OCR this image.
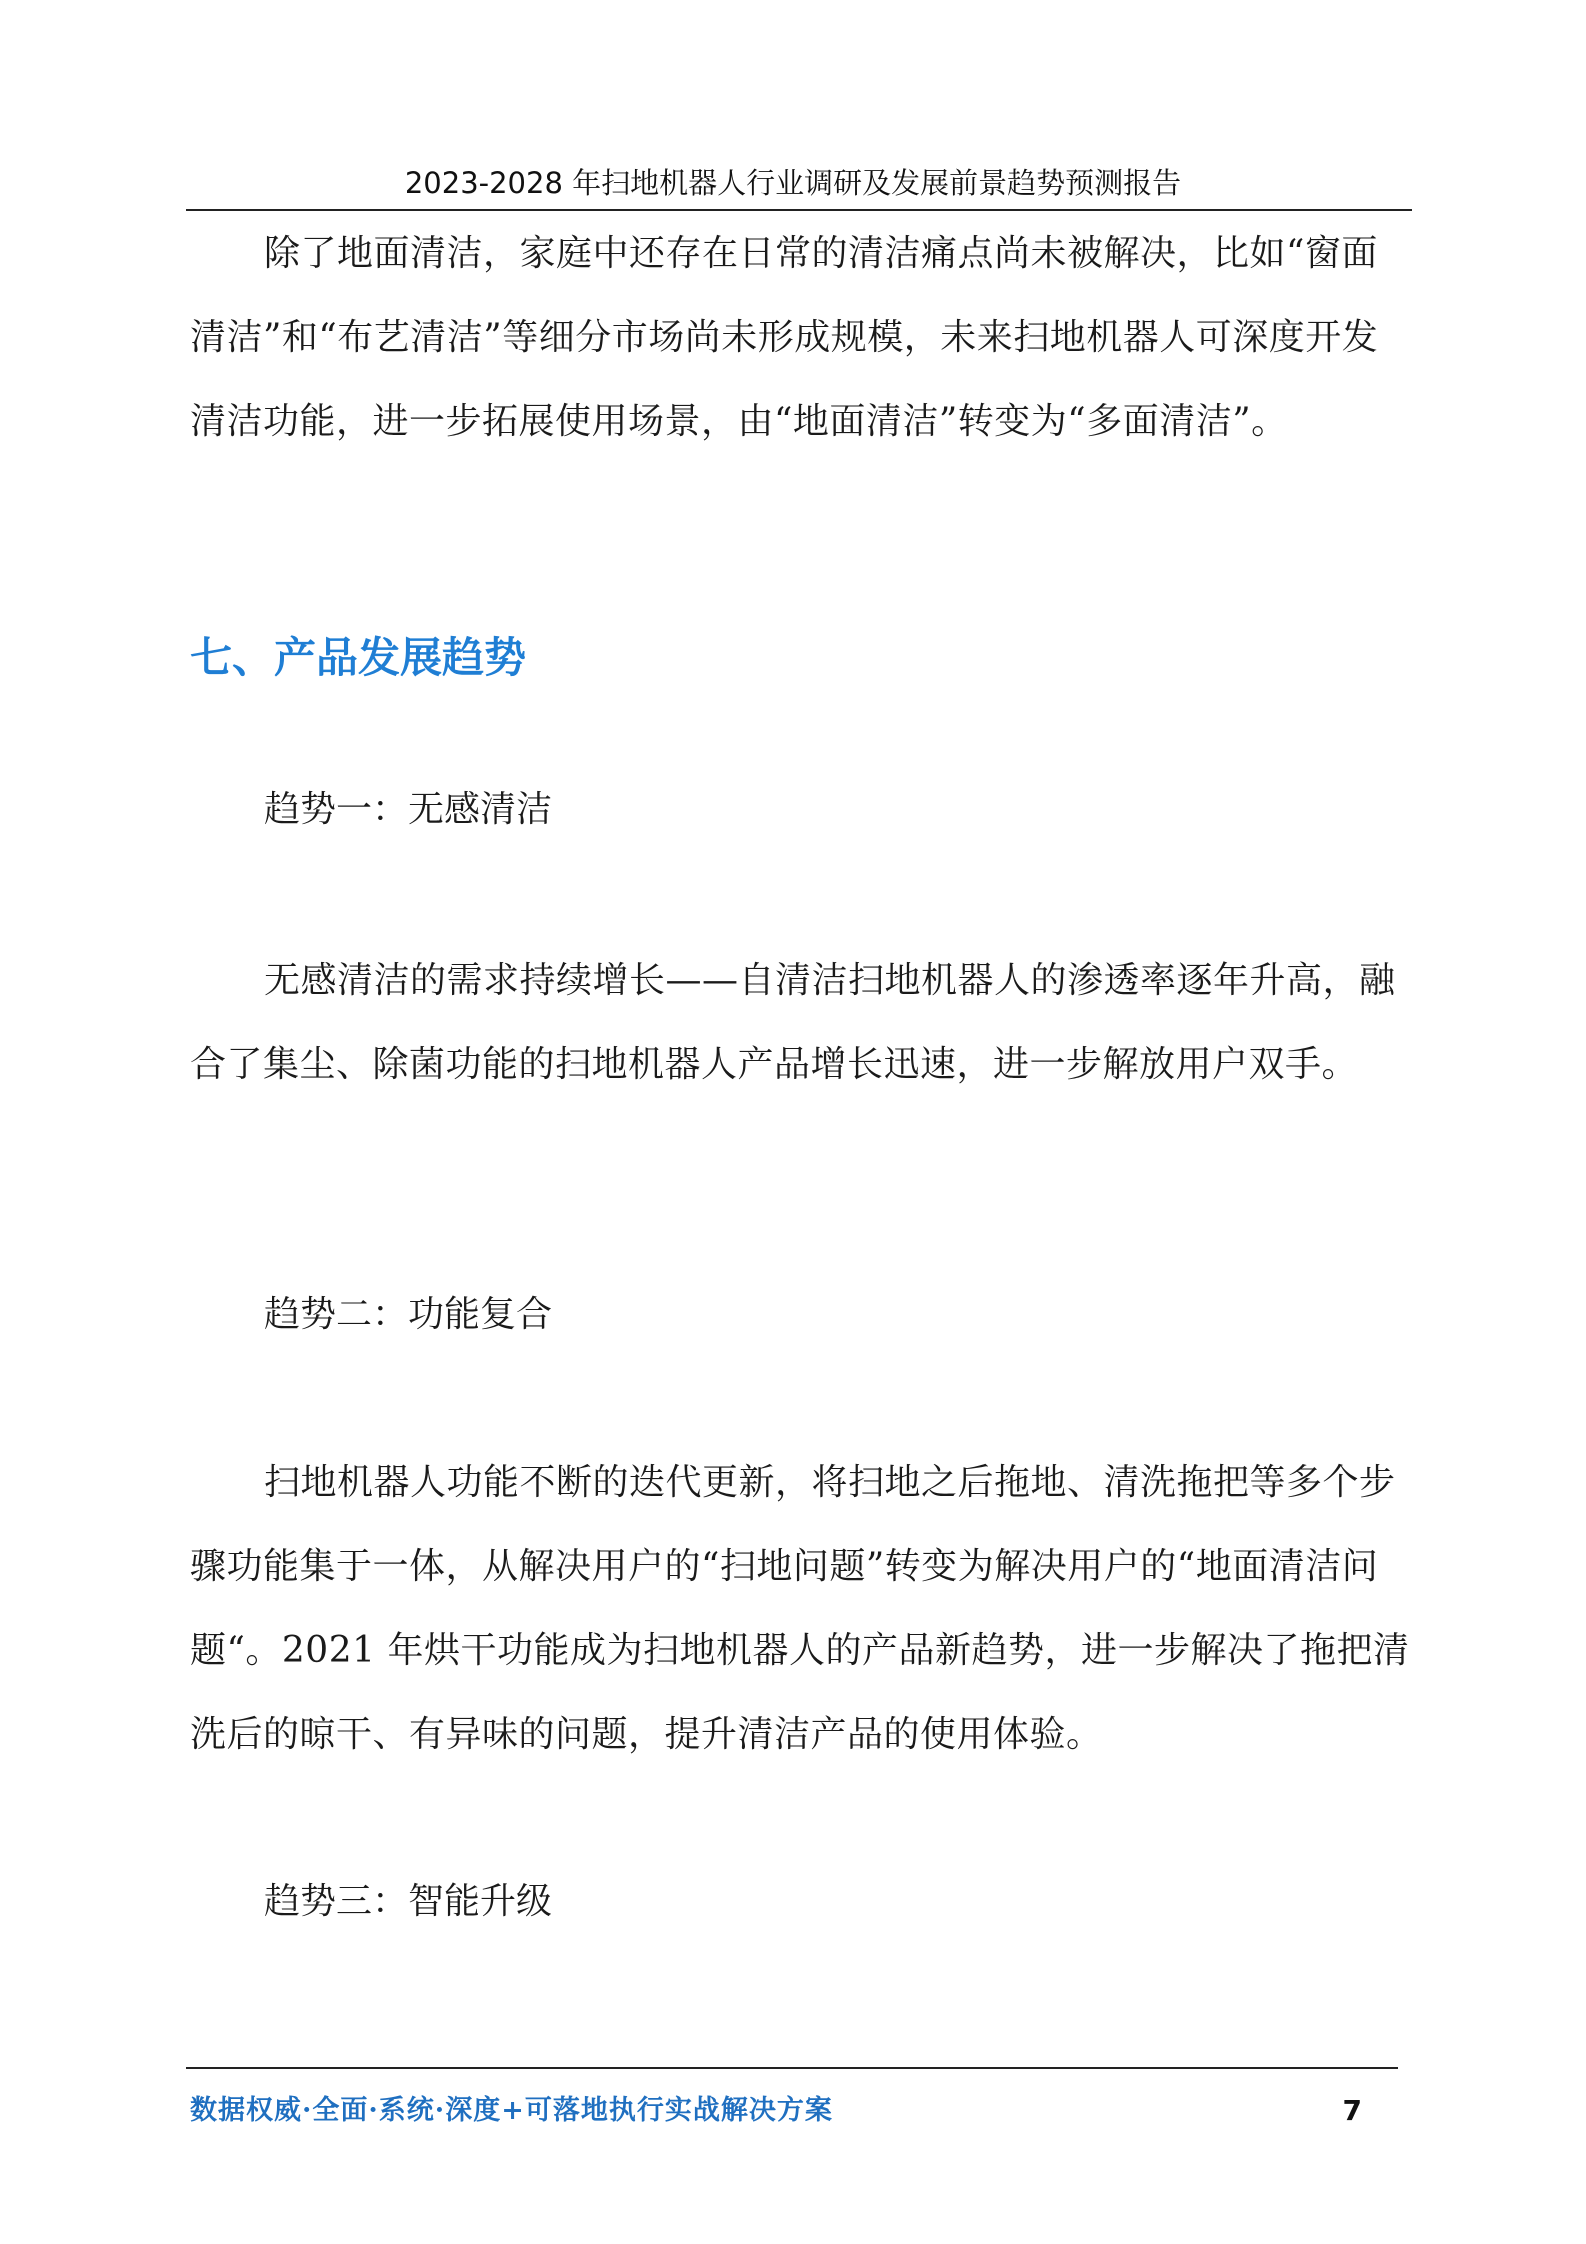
2023-2028 年扫地机器人行业调研及发展前景趋势预测报告

除了地面清洁，家庭中还存在日常的清洁痛点尚未被解决，比如“窗面清洁”和“布艺清洁”等细分市场尚未形成规模，未来扫地机器人可深度开发清洁功能，进一步拓展使用场景，由“地面清洁”转变为“多面清洁”。

七、产品发展趋势

趋势一：无感清洁

无感清洁的需求持续增长——自清洁扫地机器人的渗透率逐年升高，融合了集尘、除菌功能的扫地机器人产品增长迅速，进一步解放用户双手。

趋势二：功能复合

扫地机器人功能不断的迭代更新，将扫地之后拖地、清洗拖把等多个步骤功能集于一体，从解决用户的“扫地问题”转变为解决用户的“地面清洁问题“。2021 年烘干功能成为扫地机器人的产品新趋势，进一步解决了拖把清洗后的晾干、有异味的问题，提升清洁产品的使用体验。

趋势三：智能升级

数据权威·全面·系统·深度+可落地执行实战解决方案	7
